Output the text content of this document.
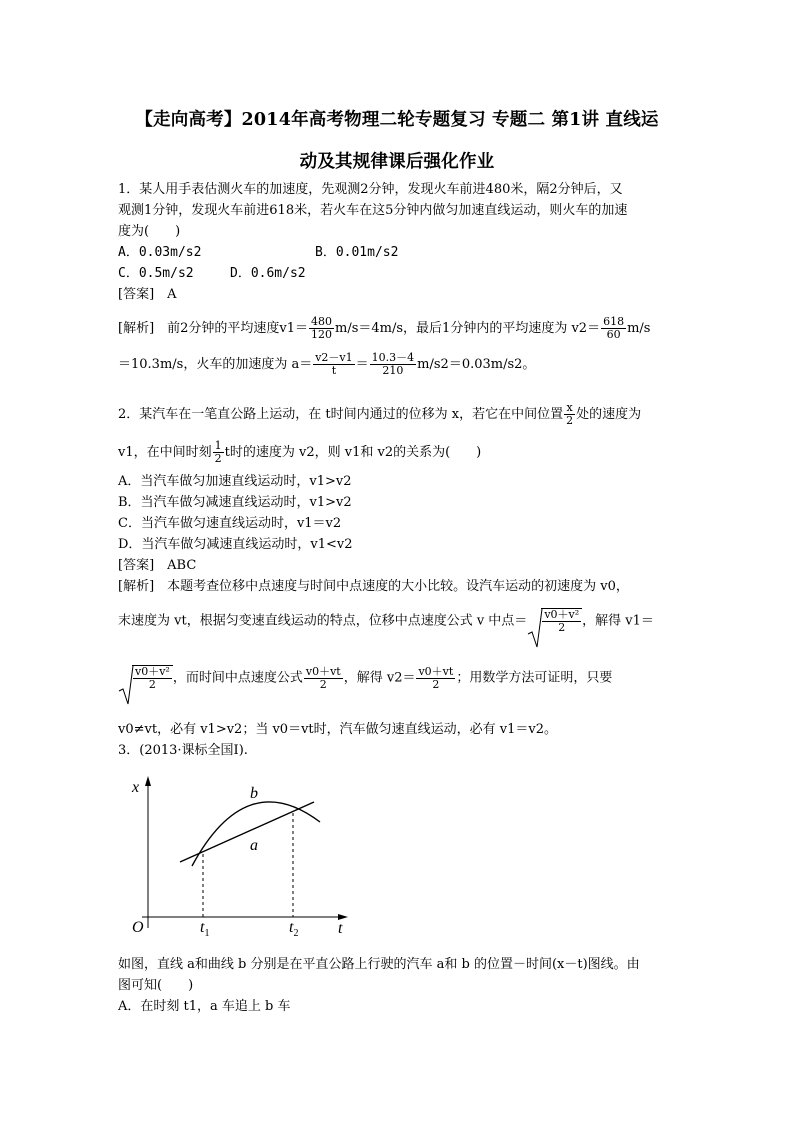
【走向高考】2014年高考物理二轮专题复习 专题二 第1讲 直线运
动及其规律课后强化作业
1．某人用手表估测火车的加速度，先观测2分钟，发现火车前进480米，隔2分钟后，又
观测1分钟，发现火车前进618米，若火车在这5分钟内做匀加速直线运动，则火车的加速
度为(　　)
A．0.03m/s2	B．0.01m/s2
C．0.5m/s2	D．0.6m/s2
[答案]　A
[解析]　前2分钟的平均速度$v1= \frac{480}{120} m/s=4m/s$，最后1分钟内的平均速度为 $v2= \frac{618}{60} m/s$
＝10.3m/s，火车的加速度为 $a= \frac{v2-v1}{t} = \frac{10.3-4}{210} m/s2=0.03m/s2$。
2．某汽车在一笔直公路上运动，在 t时间内通过的位移为 x，若它在中间位置 $\frac{x}{2}$ 处的速度为
v1，在中间时刻 $\frac{1}{2}$ t时的速度为 v2，则 v1和 v2的关系为(　　)
A．当汽车做匀加速直线运动时，v1>v2
B．当汽车做匀减速直线运动时，v1>v2
C．当汽车做匀速直线运动时，v1＝v2
D．当汽车做匀减速直线运动时，v1<v2
[答案]　ABC
[解析]　本题考查位移中点速度与时间中点速度的大小比较。设汽车运动的初速度为 v0，
末速度为 vt，根据匀变速直线运动的特点，位移中点速度公式 v 中点＝ $\frac{\text{v0＋v²}}{2}$ ，解得 v1＝
$\frac{\text{v0＋v²}}{2}$ ，而时间中点速度公式 $\frac{v0+vt}{2}$ ，解得 $v2= \frac{v0+vt}{2}$ ；用数学方法可证明，只要
v0≠vt，必有 v1>v2；当 v0＝vt时，汽车做匀速直线运动，必有 v1＝v2。
3．(2013·课标全国Ⅰ).
x	b
a
O	$t_1$	$t_2$ t
如图，直线 a和曲线 b 分别是在平直公路上行驶的汽车 a和 b 的位置－时间(x－t)图线。由
图可知(　　)
A．在时刻 t1，a 车追上 b 车
